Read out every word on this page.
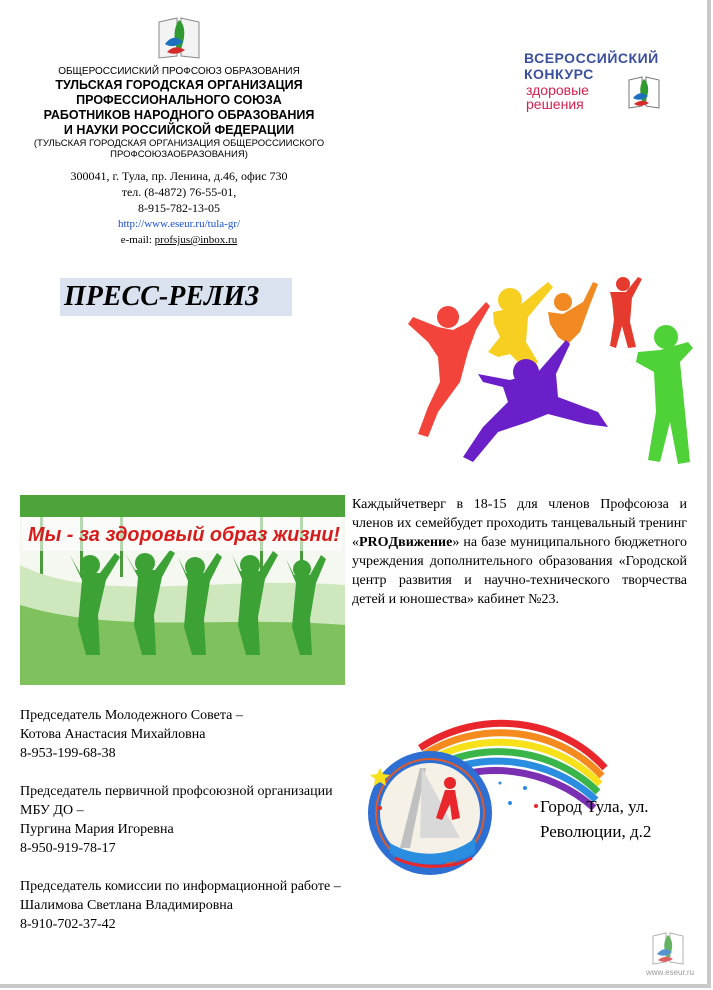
ОБЩЕРОССИИСКИЙ ПРОФСОЮЗ ОБРАЗОВАНИЯ
ТУЛЬСКАЯ ГОРОДСКАЯ ОРГАНИЗАЦИЯ
ПРОФЕССИОНАЛЬНОГО СОЮЗА
РАБОТНИКОВ НАРОДНОГО ОБРАЗОВАНИЯ
И НАУКИ РОССИЙСКОЙ ФЕДЕРАЦИИ
(ТУЛЬСКАЯ ГОРОДСКАЯ ОРГАНИЗАЦИЯ ОБЩЕРОССИИСКОГО
ПРОФСОЮЗАОБРАЗОВАНИЯ)
300041, г. Тула, пр. Ленина, д.46, офис 730
тел. (8-4872) 76-55-01,
8-915-782-13-05
http://www.eseur.ru/tula-gr/
e-mail: profsjus@inbox.ru
ВСЕРОССИЙСКИЙ
КОНКУРС
здоровые
решения
ПРЕСС-РЕЛИЗ
Мы - за здоровый образ жизни!
Каждыйчетверг в 18-15 для членов Профсоюза и членов их семейбудет проходить танцевальный тренинг «PROДвижение» на базе муниципального бюджетного учреждения дополнительного образования «Городской центр развития и научно-технического творчества детей и юношества» кабинет №23.
Председатель Молодежного Совета –
Котова Анастасия Михайловна
8-953-199-68-38
Председатель первичной профсоюзной организации МБУ ДО –
Пургина Мария Игоревна
8-950-919-78-17
Председатель комиссии по информационной работе –
Шалимова Светлана Владимировна
8-910-702-37-42
Город Тула, ул.
Революции, д.2
www.eseur.ru
